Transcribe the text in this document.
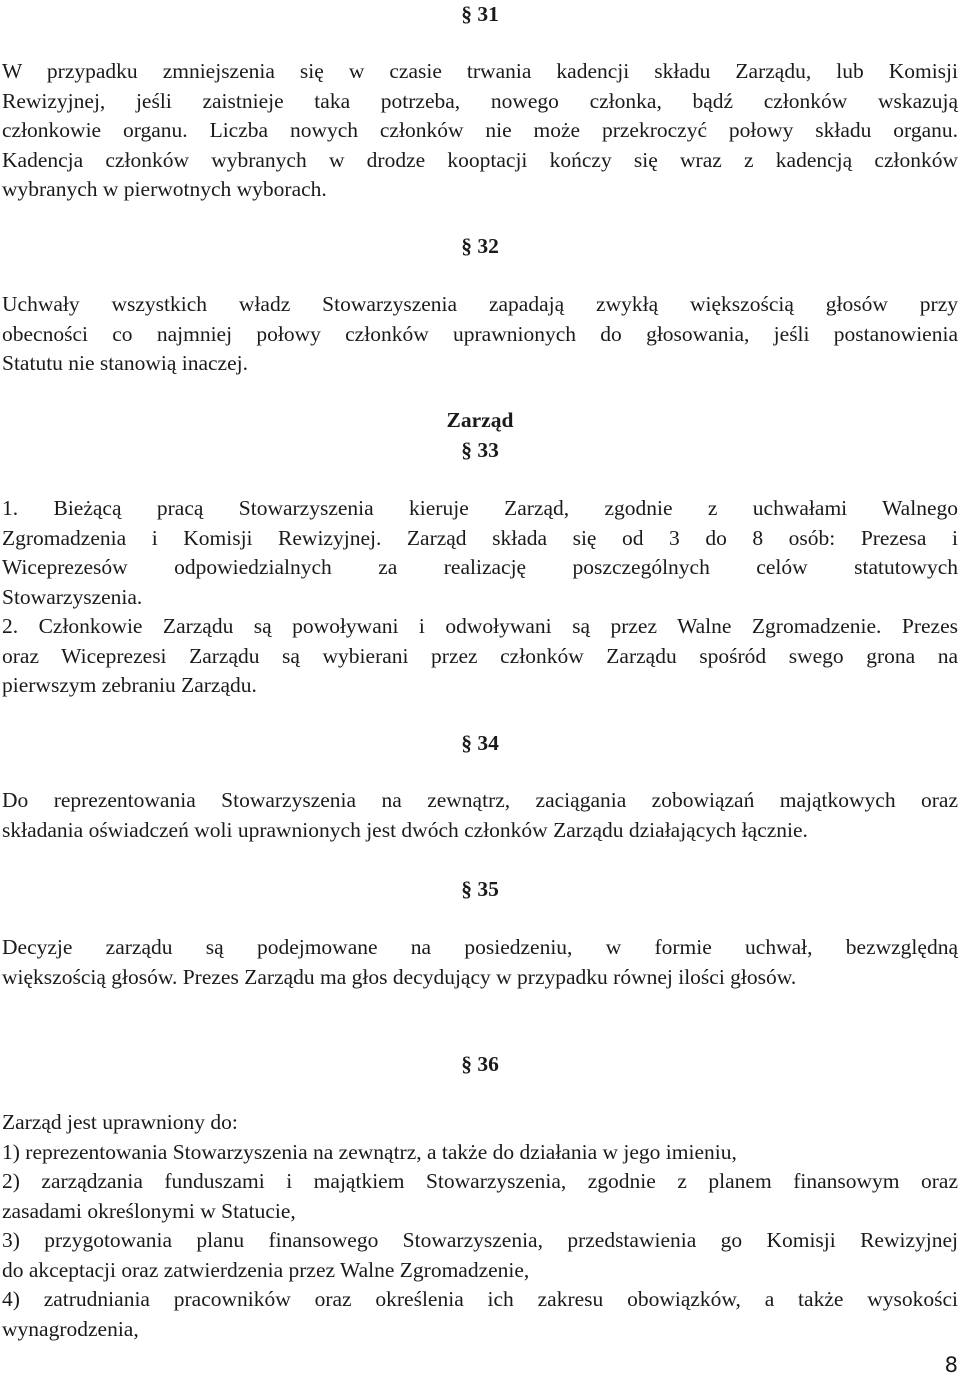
§ 31
W przypadku zmniejszenia się w czasie trwania kadencji składu Zarządu, lub Komisji
Rewizyjnej, jeśli zaistnieje taka potrzeba, nowego członka, bądź członków wskazują
członkowie organu. Liczba nowych członków nie może przekroczyć połowy składu organu.
Kadencja członków wybranych w drodze kooptacji kończy się wraz z kadencją członków
wybranych w pierwotnych wyborach.
§ 32
Uchwały wszystkich władz Stowarzyszenia zapadają zwykłą większością głosów przy
obecności co najmniej połowy członków uprawnionych do głosowania, jeśli postanowienia
Statutu nie stanowią inaczej.
Zarząd
§ 33
1. Bieżącą pracą Stowarzyszenia kieruje Zarząd, zgodnie z uchwałami Walnego
Zgromadzenia i Komisji Rewizyjnej. Zarząd składa się od 3 do 8 osób: Prezesa i
Wiceprezesów odpowiedzialnych za realizację poszczególnych celów statutowych
Stowarzyszenia.
2. Członkowie Zarządu są powoływani i odwoływani są przez Walne Zgromadzenie. Prezes
oraz Wiceprezesi Zarządu są wybierani przez członków Zarządu spośród swego grona na
pierwszym zebraniu Zarządu.
§ 34
Do reprezentowania Stowarzyszenia na zewnątrz, zaciągania zobowiązań majątkowych oraz
składania oświadczeń woli uprawnionych jest dwóch członków Zarządu działających łącznie.
§ 35
Decyzje zarządu są podejmowane na posiedzeniu, w formie uchwał, bezwzględną
większością głosów. Prezes Zarządu ma głos decydujący w przypadku równej ilości głosów.
§ 36
Zarząd jest uprawniony do:
1) reprezentowania Stowarzyszenia na zewnątrz, a także do działania w jego imieniu,
2) zarządzania funduszami i majątkiem Stowarzyszenia, zgodnie z planem finansowym oraz
zasadami określonymi w Statucie,
3) przygotowania planu finansowego Stowarzyszenia, przedstawienia go Komisji Rewizyjnej
do akceptacji oraz zatwierdzenia przez Walne Zgromadzenie,
4) zatrudniania pracowników oraz określenia ich zakresu obowiązków, a także wysokości
wynagrodzenia,
8
